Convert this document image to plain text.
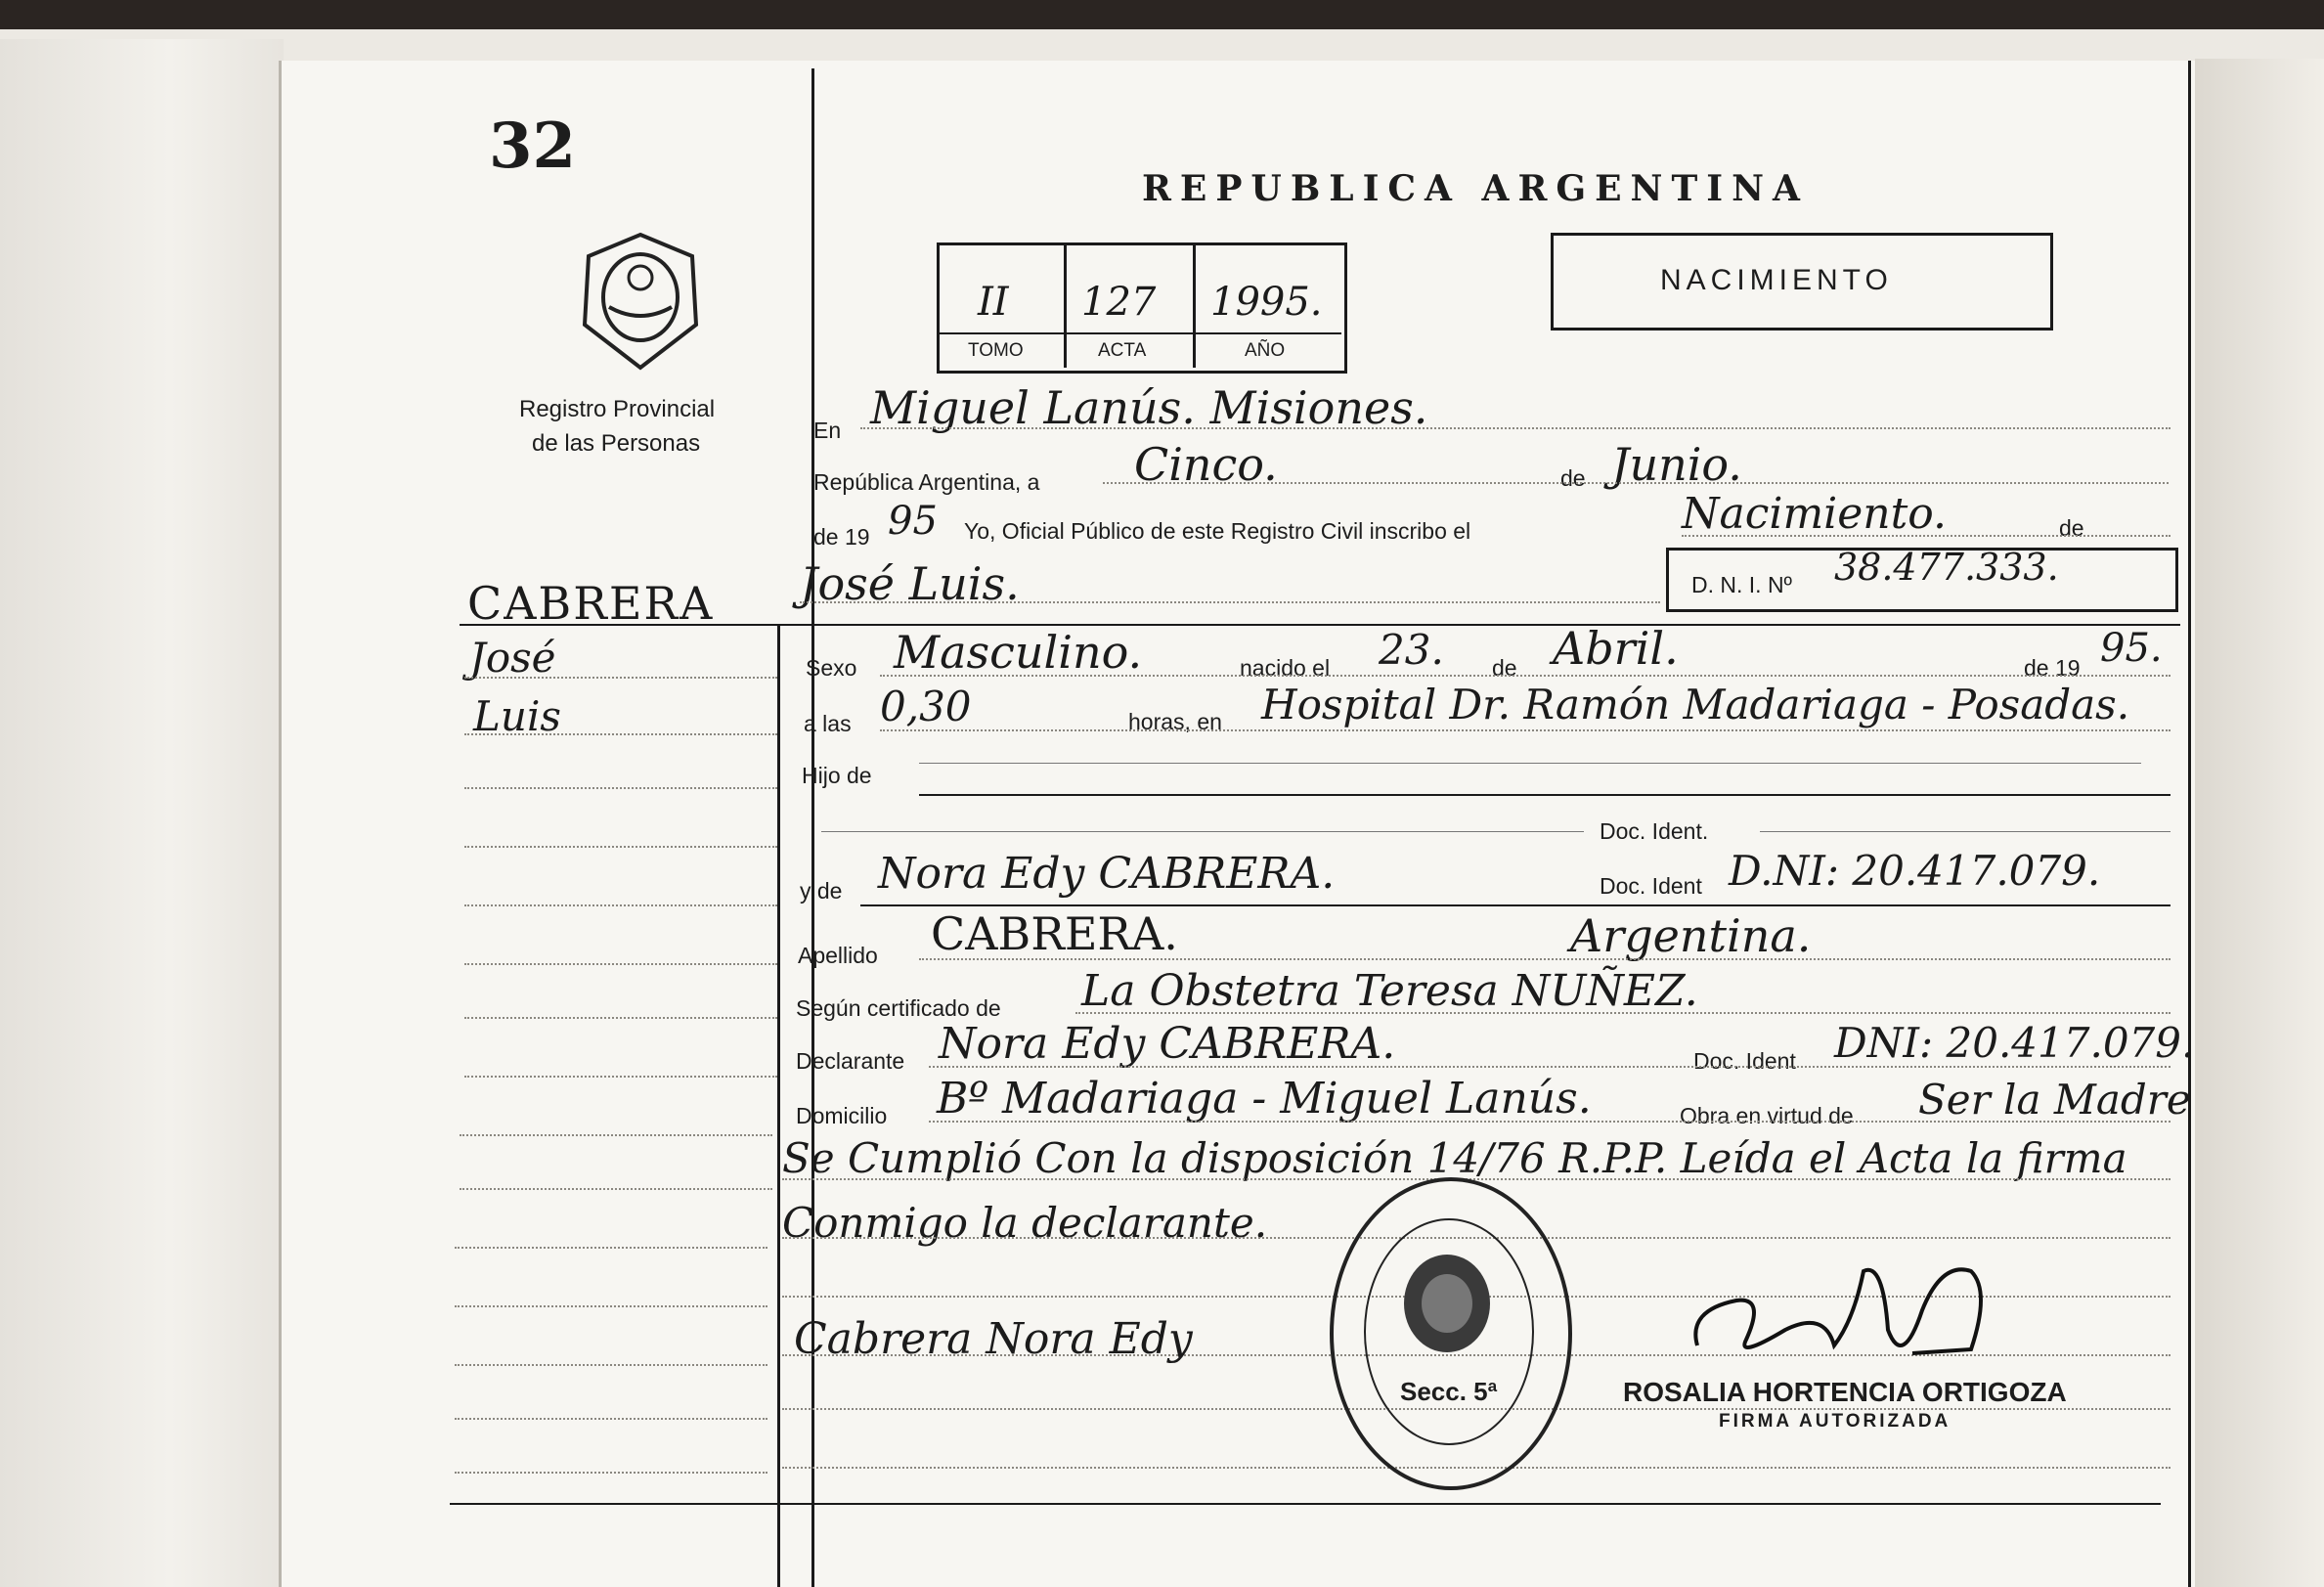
32
Registro Provincial
de las Personas
CABRERA
José
Luis
REPUBLICA ARGENTINA
II 127 1995.
TOMO	ACTA	AÑO
NACIMIENTO
En Miguel Lanús. Misiones.
República Argentina, a Cinco.	de Junio.
de 19 95 Yo, Oficial Público de este Registro Civil inscribo el	Nacimiento.	de
José Luis.	D. N. I. Nº 38.477.333.
Sexo Masculino.	nacido el 23. de Abril.	de 19 95.
a las 0,30	horas, en Hospital Dr. Ramón Madariaga - Posadas.
Hijo de
Doc. Ident.
y de Nora Edy CABRERA.	Doc. Ident D.NI: 20.417.079.
Apellido CABRERA.	Argentina.
Según certificado de La Obstetra Teresa NUÑEZ.
Declarante Nora Edy CABRERA.	Doc. Ident DNI: 20.417.079.
Domicilio Bº Madariaga - Miguel Lanús.	Obra en virtud de Ser la Madre
Se Cumplió Con la disposición 14/76 R.P.P. Leída el Acta la firma
Conmigo la declarante.
Cabrera Nora Edy
Secc. 5ª	ROSALIA HORTENCIA ORTIGOZA
FIRMA AUTORIZADA
